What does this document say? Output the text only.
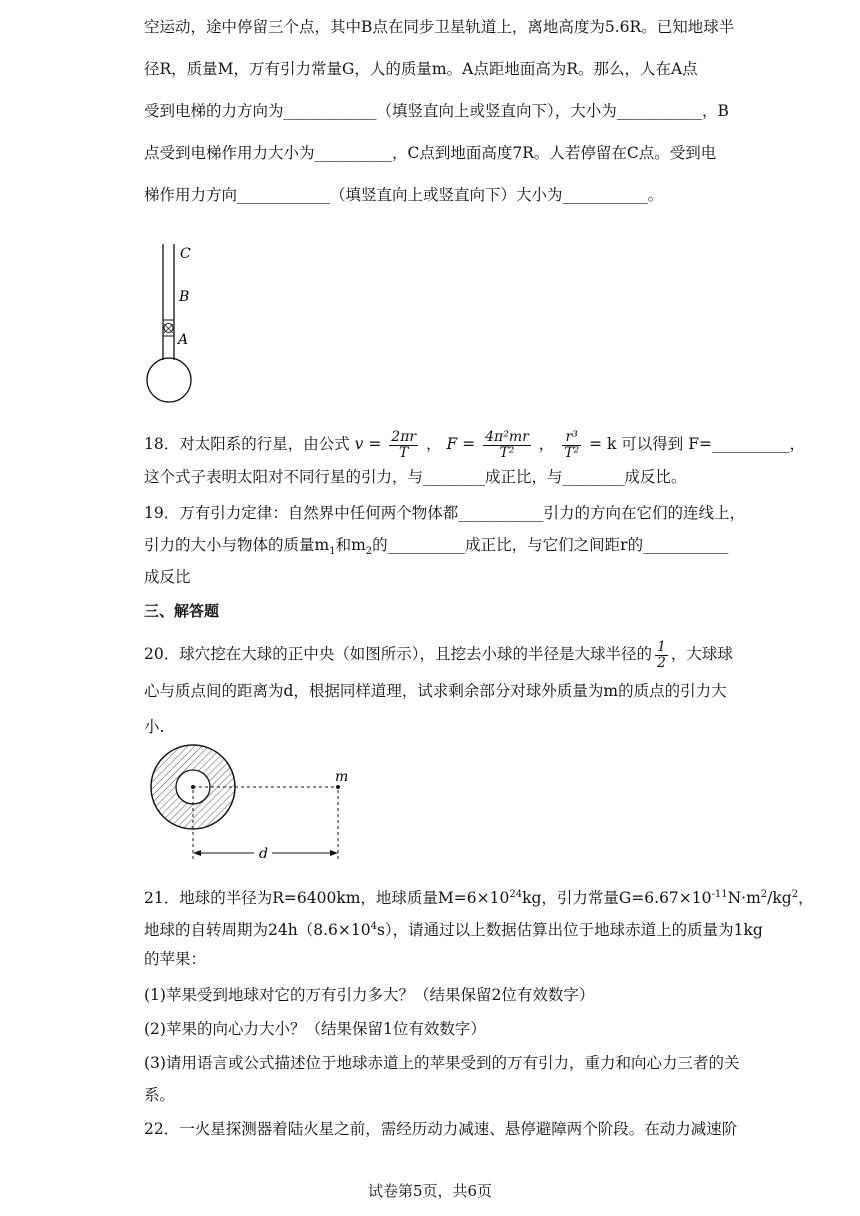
空运动，途中停留三个点，其中B点在同步卫星轨道上，离地高度为5.6R。已知地球半
径R，质量M，万有引力常量G，人的质量m。A点距地面高为R。那么，人在A点
受到电梯的力方向为____________（填竖直向上或竖直向下），大小为___________，B
点受到电梯作用力大小为__________，C点到地面高度7R。人若停留在C点。受到电
梯作用力方向____________（填竖直向上或竖直向下）大小为___________。
C
B
A
18．对太阳系的行星，由公式 $v = \frac{2\pi r}{T}$ ， $F = \frac{\text{4π²mr}}{\text{T²}}$ ， $\frac{\text{r³}}{\text{T²}} = k$ 可以得到 F=__________，
这个式子表明太阳对不同行星的引力，与________成正比，与________成反比。
19．万有引力定律：自然界中任何两个物体都___________引力的方向在它们的连线上，
引力的大小与物体的质量$m_1$和$m_2$的__________成正比，与它们之间距r的___________
成反比
三、解答题
20．球穴挖在大球的正中央（如图所示），且挖去小球的半径是大球半径的 $\frac{1}{2}$ ，大球球
心与质点间的距离为d，根据同样道理，试求剩余部分对球外质量为m的质点的引力大
小.
m
d
21．地球的半径为R=6400km，地球质量$M=6\times 10^{24}kg$，引力常量$G=6.67\times 10^{-11}N\cdot m^2/kg^2$，
地球的自转周期为$24h(8.6\times 10^4s)$，请通过以上数据估算出位于地球赤道上的质量为1kg
的苹果：
(1)苹果受到地球对它的万有引力多大？（结果保留2位有效数字）
(2)苹果的向心力大小？（结果保留1位有效数字）
(3)请用语言或公式描述位于地球赤道上的苹果受到的万有引力，重力和向心力三者的关
系。
22．一火星探测器着陆火星之前，需经历动力减速、悬停避障两个阶段。在动力减速阶
试卷第5页，共6页
